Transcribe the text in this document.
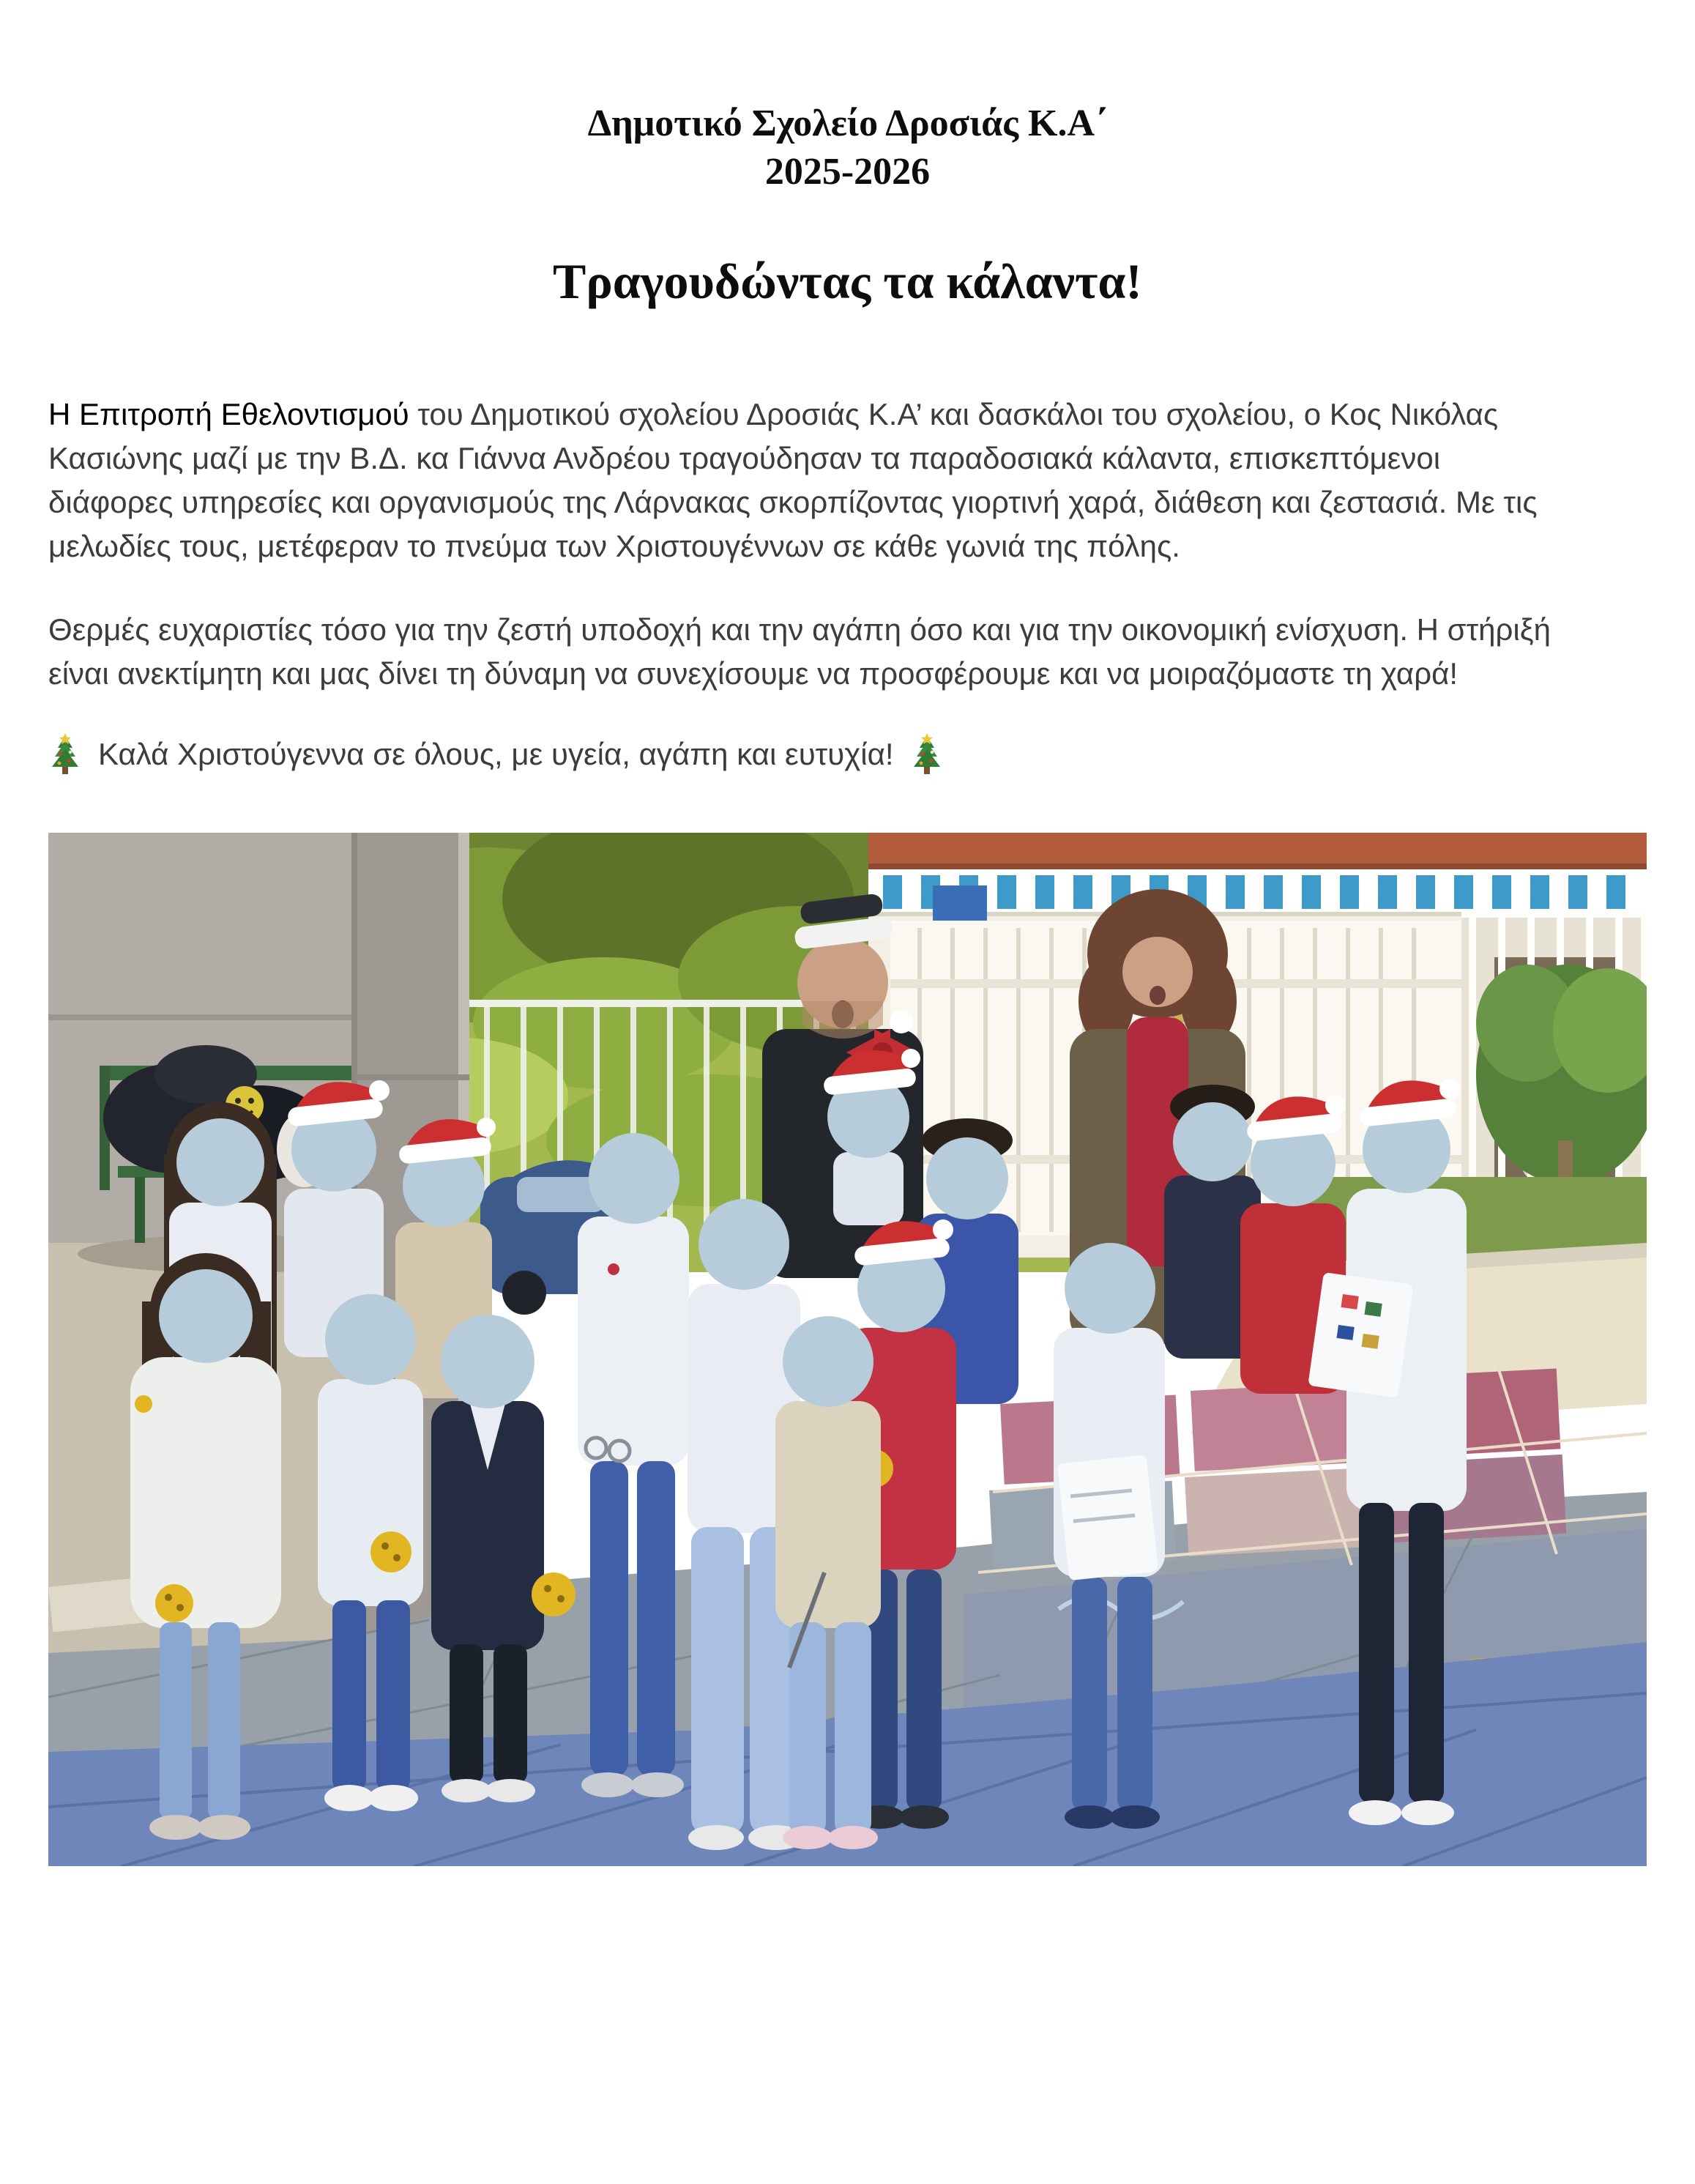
Δημοτικό Σχολείο Δροσιάς Κ.Α΄
2025-2026
Τραγουδώντας τα κάλαντα!
Η Επιτροπή Εθελοντισμού του Δημοτικού σχολείου Δροσιάς Κ.Α’ και δασκάλοι του σχολείου, ο Κος Νικόλας
Κασιώνης μαζί με την Β.Δ. κα Γιάννα Ανδρέου τραγούδησαν τα παραδοσιακά κάλαντα, επισκεπτόμενοι
διάφορες υπηρεσίες και οργανισμούς της Λάρνακας σκορπίζοντας γιορτινή χαρά, διάθεση και ζεστασιά. Με τις
μελωδίες τους, μετέφεραν το πνεύμα των Χριστουγέννων σε κάθε γωνιά της πόλης.
Θερμές ευχαριστίες τόσο για την ζεστή υποδοχή και την αγάπη όσο και για την οικονομική ενίσχυση. Η στήριξή
είναι ανεκτίμητη και μας δίνει τη δύναμη να συνεχίσουμε να προσφέρουμε και να μοιραζόμαστε τη χαρά!
Καλά Χριστούγεννα σε όλους, με υγεία, αγάπη και ευτυχία!
